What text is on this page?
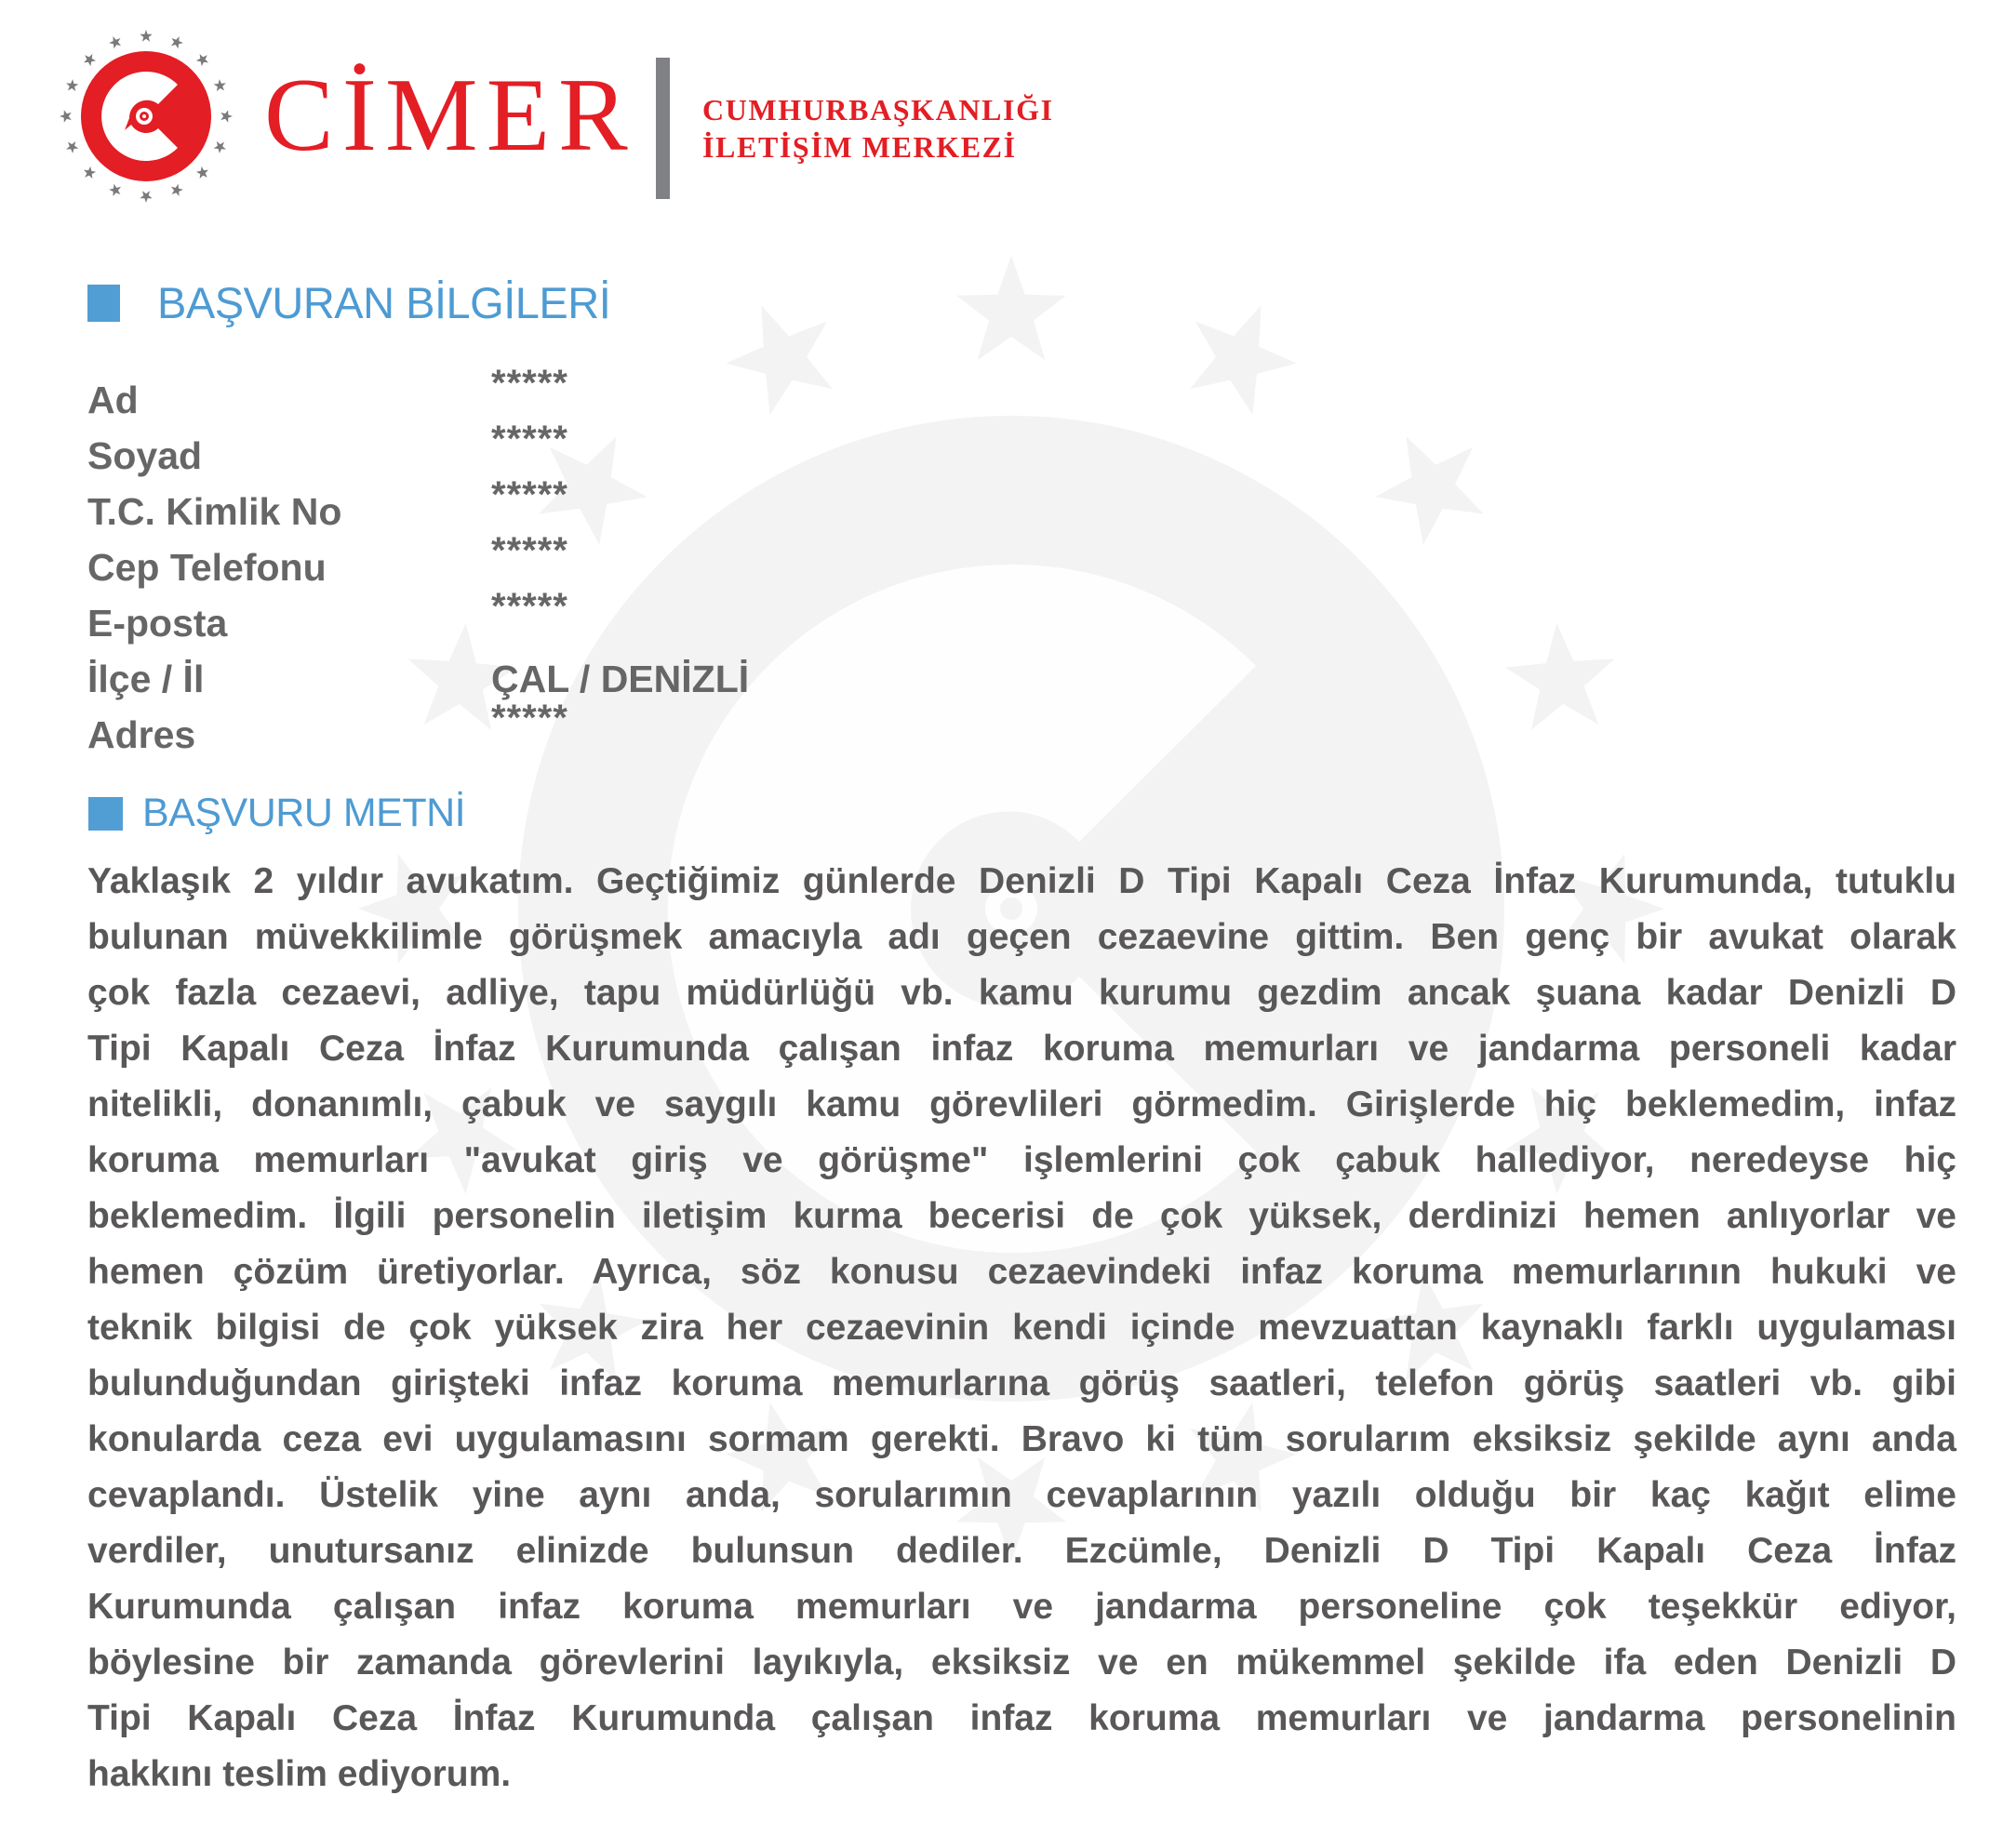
CİMER CUMHURBAŞKANLIĞI
İLETİŞİM MERKEZİ
BAŞVURAN BİLGİLERİ
Ad	*****
Soyad	*****
T.C. Kimlik No	*****
Cep Telefonu	*****
E-posta	*****
İlçe / İl	ÇAL / DENİZLİ
Adres	*****
BAŞVURU METNİ
Yaklaşık 2 yıldır avukatım. Geçtiğimiz günlerde Denizli D Tipi Kapalı Ceza İnfaz Kurumunda, tutuklu
bulunan müvekkilimle görüşmek amacıyla adı geçen cezaevine gittim. Ben genç bir avukat olarak
çok fazla cezaevi, adliye, tapu müdürlüğü vb. kamu kurumu gezdim ancak şuana kadar Denizli D
Tipi Kapalı Ceza İnfaz Kurumunda çalışan infaz koruma memurları ve jandarma personeli kadar
nitelikli, donanımlı, çabuk ve saygılı kamu görevlileri görmedim. Girişlerde hiç beklemedim, infaz
koruma memurları "avukat giriş ve görüşme" işlemlerini çok çabuk hallediyor, neredeyse hiç
beklemedim. İlgili personelin iletişim kurma becerisi de çok yüksek, derdinizi hemen anlıyorlar ve
hemen çözüm üretiyorlar. Ayrıca, söz konusu cezaevindeki infaz koruma memurlarının hukuki ve
teknik bilgisi de çok yüksek zira her cezaevinin kendi içinde mevzuattan kaynaklı farklı uygulaması
bulunduğundan girişteki infaz koruma memurlarına görüş saatleri, telefon görüş saatleri vb. gibi
konularda ceza evi uygulamasını sormam gerekti. Bravo ki tüm sorularım eksiksiz şekilde aynı anda
cevaplandı. Üstelik yine aynı anda, sorularımın cevaplarının yazılı olduğu bir kaç kağıt elime
verdiler, unutursanız elinizde bulunsun dediler. Ezcümle, Denizli D Tipi Kapalı Ceza İnfaz
Kurumunda çalışan infaz koruma memurları ve jandarma personeline çok teşekkür ediyor,
böylesine bir zamanda görevlerini layıkıyla, eksiksiz ve en mükemmel şekilde ifa eden Denizli D
Tipi Kapalı Ceza İnfaz Kurumunda çalışan infaz koruma memurları ve jandarma personelinin
hakkını teslim ediyorum.
